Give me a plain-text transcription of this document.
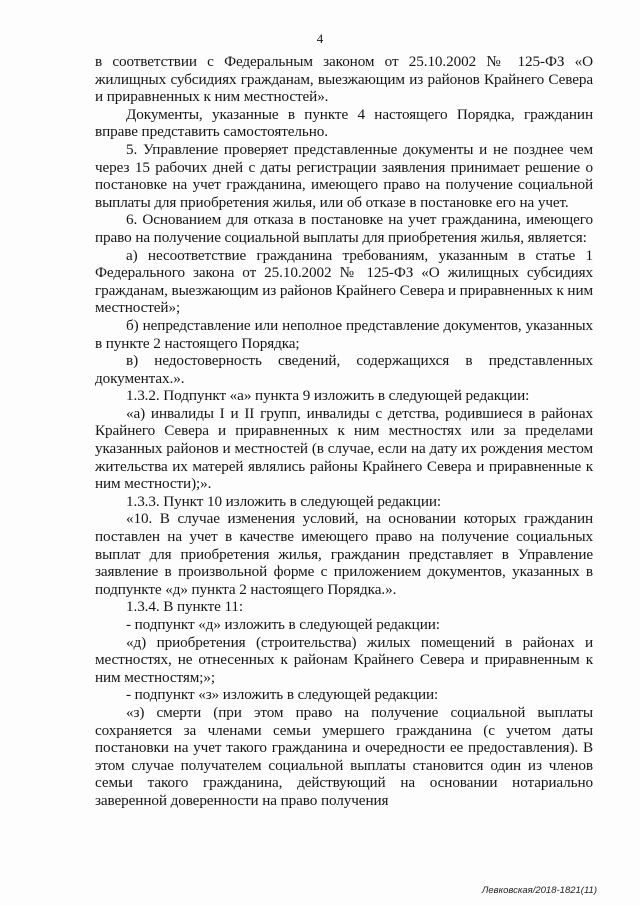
4

в соответствии с Федеральным законом от 25.10.2002 № 125-ФЗ «О жилищных субсидиях гражданам, выезжающим из районов Крайнего Севера и приравненных к ним местностей».

Документы, указанные в пункте 4 настоящего Порядка, гражданин вправе представить самостоятельно.

5. Управление проверяет представленные документы и не позднее чем через 15 рабочих дней с даты регистрации заявления принимает решение о постановке на учет гражданина, имеющего право на получение социальной выплаты для приобретения жилья, или об отказе в постановке его на учет.

6. Основанием для отказа в постановке на учет гражданина, имеющего право на получение социальной выплаты для приобретения жилья, является:

а) несоответствие гражданина требованиям, указанным в статье 1 Федерального закона от 25.10.2002 № 125-ФЗ «О жилищных субсидиях гражданам, выезжающим из районов Крайнего Севера и приравненных к ним местностей»;

б) непредставление или неполное представление документов, указанных в пункте 2 настоящего Порядка;

в) недостоверность сведений, содержащихся в представленных документах.».

1.3.2. Подпункт «а» пункта 9 изложить в следующей редакции:

«а) инвалиды I и II групп, инвалиды с детства, родившиеся в районах Крайнего Севера и приравненных к ним местностях или за пределами указанных районов и местностей (в случае, если на дату их рождения местом жительства их матерей являлись районы Крайнего Севера и приравненные к ним местности);».

1.3.3. Пункт 10 изложить в следующей редакции:

«10. В случае изменения условий, на основании которых гражданин поставлен на учет в качестве имеющего право на получение социальных выплат для приобретения жилья, гражданин представляет в Управление заявление в произвольной форме с приложением документов, указанных в подпункте «д» пункта 2 настоящего Порядка.».

1.3.4. В пункте 11:

- подпункт «д» изложить в следующей редакции:

«д) приобретения (строительства) жилых помещений в районах и местностях, не отнесенных к районам Крайнего Севера и приравненным к ним местностям;»;

- подпункт «з» изложить в следующей редакции:

«з) смерти (при этом право на получение социальной выплаты сохраняется за членами семьи умершего гражданина (с учетом даты постановки на учет такого гражданина и очередности ее предоставления). В этом случае получателем социальной выплаты становится один из членов семьи такого гражданина, действующий на основании нотариально заверенной доверенности на право получения

Левковская/2018-1821(11)
